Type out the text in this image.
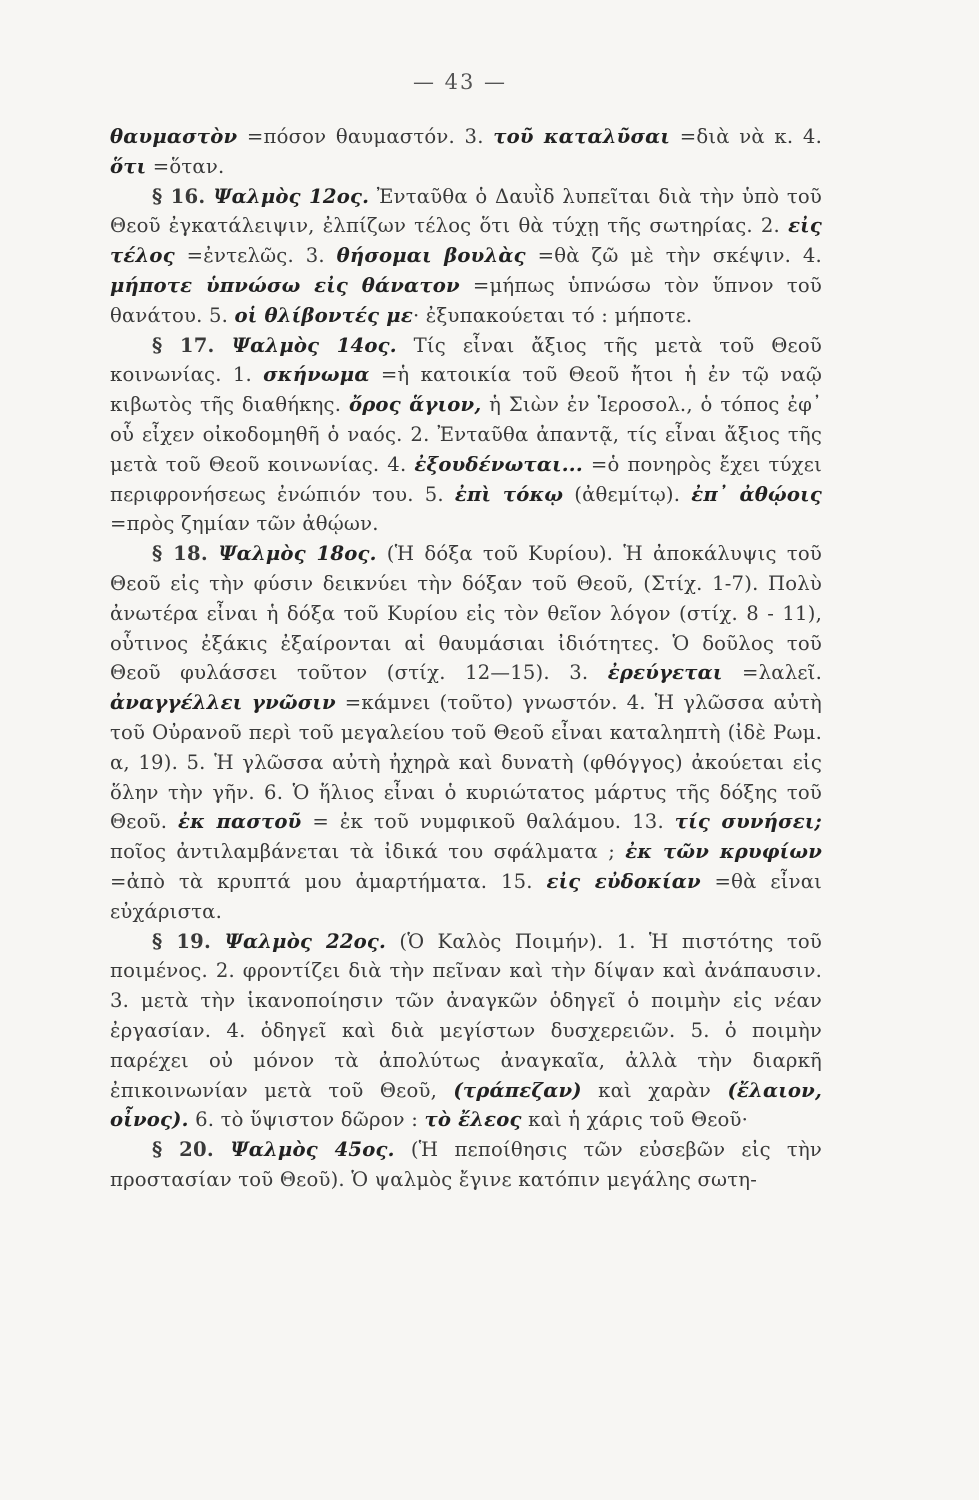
— 43 —

θαυμαστὸν =πόσον θαυμαστόν. 3. τοῦ καταλῦσαι =διὰ νὰ κ. 4. ὅτι =ὅταν.

§ 16. Ψαλμὸς 12ος. Ἐνταῦθα ὁ Δαυῒδ λυπεῖται διὰ τὴν ὑπὸ τοῦ Θεοῦ ἐγκατάλειψιν, ἐλπίζων τέλος ὅτι θὰ τύχῃ τῆς σωτηρίας. 2. εἰς τέλος =ἐντελῶς. 3. θήσομαι βουλὰς =θὰ ζῶ μὲ τὴν σκέψιν. 4. μήποτε ὑπνώσω εἰς θάνατον =μήπως ὑπνώσω τὸν ὕπνον τοῦ θανάτου. 5. οἱ θλίβοντές με· ἐξυπακούεται τό : μήποτε.

§ 17. Ψαλμὸς 14ος. Τίς εἶναι ἄξιος τῆς μετὰ τοῦ Θεοῦ κοινωνίας. 1. σκήνωμα =ἡ κατοικία τοῦ Θεοῦ ἤτοι ἡ ἐν τῷ ναῷ κιβωτὸς τῆς διαθήκης. ὄρος ἅγιον, ἡ Σιὼν ἐν Ἱεροσολ., ὁ τόπος ἐφ᾽ οὗ εἶχεν οἰκοδομηθῆ ὁ ναός. 2. Ἐνταῦθα ἀπαντᾷ, τίς εἶναι ἄξιος τῆς μετὰ τοῦ Θεοῦ κοινωνίας. 4. ἐξουδένωται... =ὁ πονηρὸς ἔχει τύχει περιφρονήσεως ἐνώπιόν του. 5. ἐπὶ τόκῳ (ἀθεμίτῳ). ἐπ᾽ ἀθῴοις =πρὸς ζημίαν τῶν ἀθῴων.

§ 18. Ψαλμὸς 18ος. (Ἡ δόξα τοῦ Κυρίου). Ἡ ἀποκάλυψις τοῦ Θεοῦ εἰς τὴν φύσιν δεικνύει τὴν δόξαν τοῦ Θεοῦ, (Στίχ. 1-7). Πολὺ ἀνωτέρα εἶναι ἡ δόξα τοῦ Κυρίου εἰς τὸν θεῖον λόγον (στίχ. 8 - 11), οὗτινος ἐξάκις ἐξαίρονται αἱ θαυμάσιαι ἰδιότητες. Ὁ δοῦλος τοῦ Θεοῦ φυλάσσει τοῦτον (στίχ. 12—15). 3. ἐρεύγεται =λαλεῖ. ἀναγγέλλει γνῶσιν =κάμνει (τοῦτο) γνωστόν. 4. Ἡ γλῶσσα αὐτὴ τοῦ Οὐρανοῦ περὶ τοῦ μεγαλείου τοῦ Θεοῦ εἶναι καταληπτὴ (ἰδὲ Ρωμ. α, 19). 5. Ἡ γλῶσσα αὐτὴ ἠχηρὰ καὶ δυνατὴ (φθόγγος) ἀκούεται εἰς ὅλην τὴν γῆν. 6. Ὁ ἥλιος εἶναι ὁ κυριώτατος μάρτυς τῆς δόξης τοῦ Θεοῦ. ἐκ παστοῦ = ἐκ τοῦ νυμφικοῦ θαλάμου. 13. τίς συνήσει; ποῖος ἀντιλαμβάνεται τὰ ἰδικά του σφάλματα ; ἐκ τῶν κρυφίων =ἀπὸ τὰ κρυπτά μου ἁμαρτήματα. 15. εἰς εὐδοκίαν =θὰ εἶναι εὐχάριστα.

§ 19. Ψαλμὸς 22ος. (Ὁ Καλὸς Ποιμήν). 1. Ἡ πιστότης τοῦ ποιμένος. 2. φροντίζει διὰ τὴν πεῖναν καὶ τὴν δίψαν καὶ ἀνάπαυσιν. 3. μετὰ τὴν ἱκανοποίησιν τῶν ἀναγκῶν ὁδηγεῖ ὁ ποιμὴν εἰς νέαν ἐργασίαν. 4. ὁδηγεῖ καὶ διὰ μεγίστων δυσχερειῶν. 5. ὁ ποιμὴν παρέχει οὐ μόνον τὰ ἀπολύτως ἀναγκαῖα, ἀλλὰ τὴν διαρκῆ ἐπικοινωνίαν μετὰ τοῦ Θεοῦ, (τράπεζαν) καὶ χαρὰν (ἔλαιον, οἶνος). 6. τὸ ὕψιστον δῶρον : τὸ ἔλεος καὶ ἡ χάρις τοῦ Θεοῦ·

§ 20. Ψαλμὸς 45ος. (Ἡ πεποίθησις τῶν εὐσεβῶν εἰς τὴν προστασίαν τοῦ Θεοῦ). Ὁ ψαλμὸς ἔγινε κατόπιν μεγάλης σωτη-
